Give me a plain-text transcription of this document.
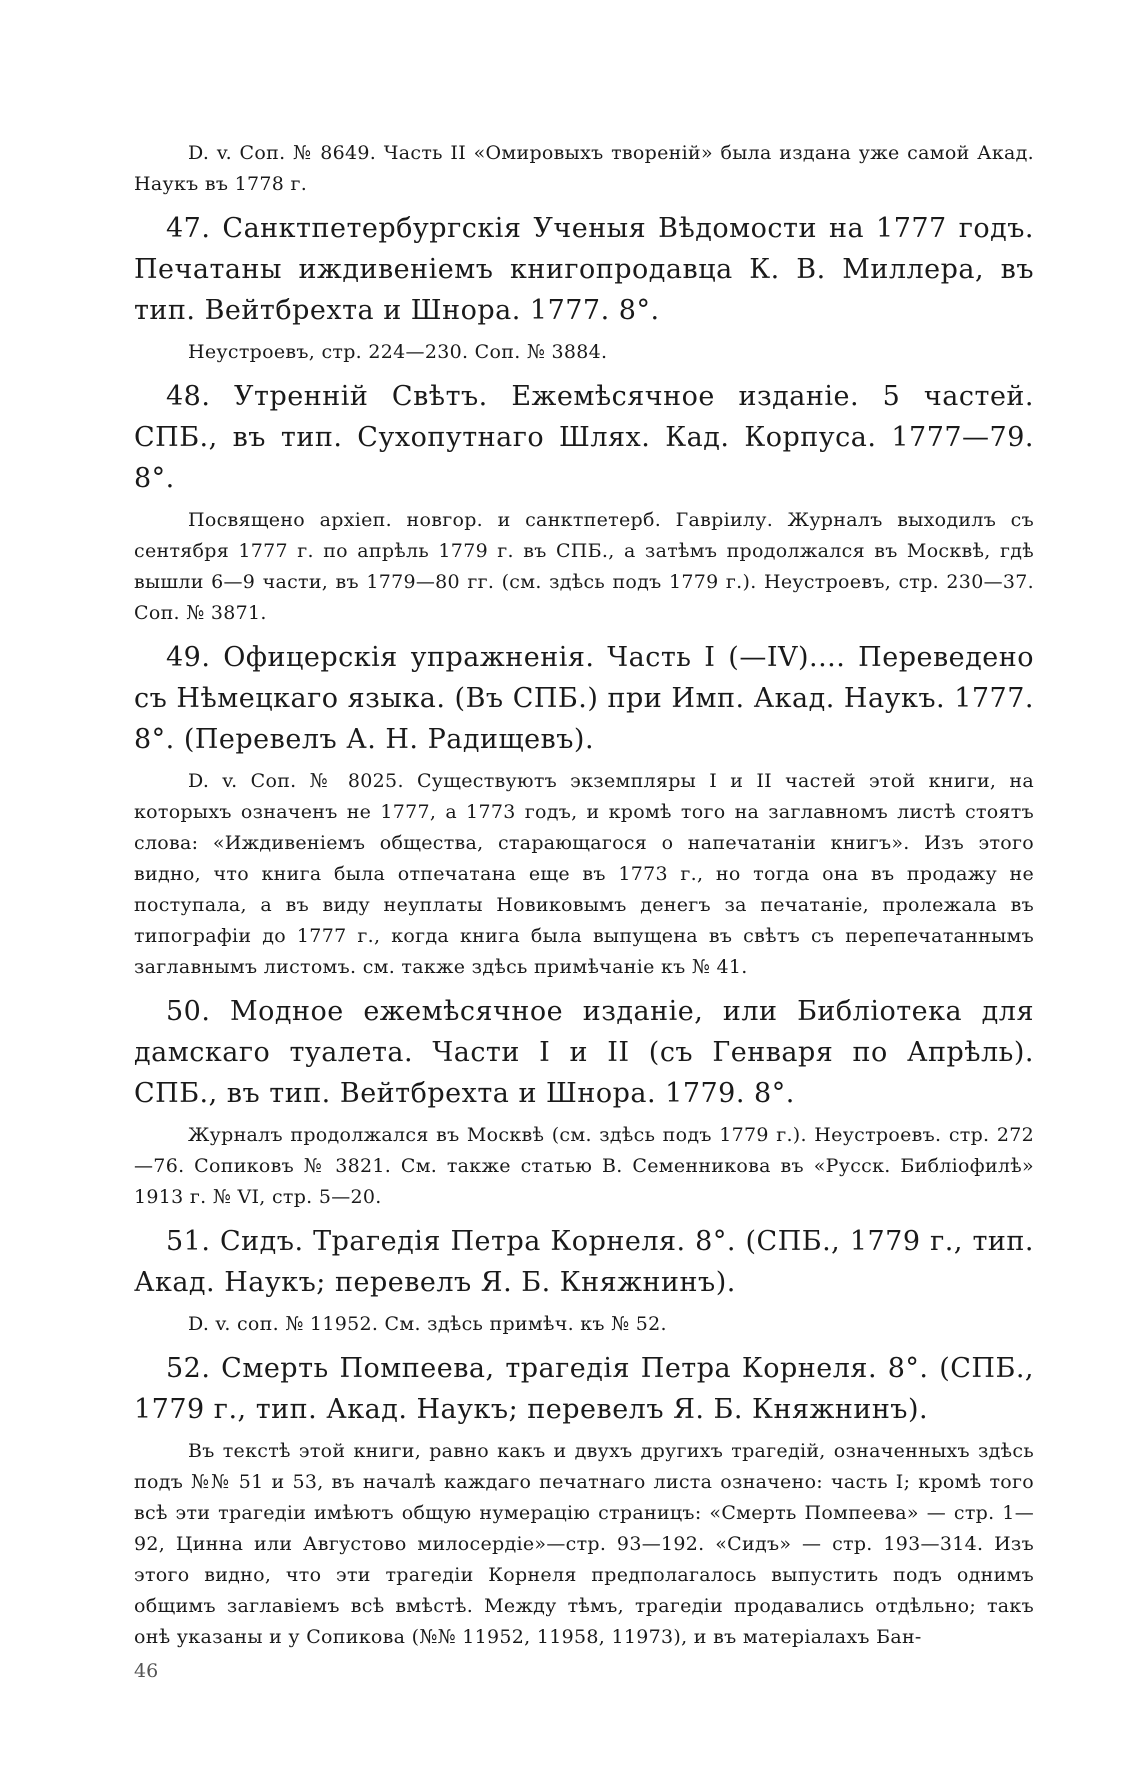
D. v. Соп. № 8649. Часть II «Омировыхъ твореній» была издана уже самой Акад. Наукъ въ 1778 г.

47. Санктпетербургскія Ученыя Вѣдомости на 1777 годъ. Печатаны иждивеніемъ книгопродавца К. В. Миллера, въ тип. Вейтбрехта и Шнора. 1777. 8°.

Неустроевъ, стр. 224—230. Соп. № 3884.

48. Утренній Свѣтъ. Ежемѣсячное изданіе. 5 частей. СПБ., въ тип. Сухопутнаго Шлях. Кад. Корпуса. 1777—79. 8°.

Посвящено архіеп. новгор. и санктпетерб. Гавріилу. Журналъ выходилъ съ сентября 1777 г. по апрѣль 1779 г. въ СПБ., а затѣмъ продолжался въ Москвѣ, гдѣ вышли 6—9 части, въ 1779—80 гг. (см. здѣсь подъ 1779 г.). Неустроевъ, стр. 230—37. Соп. № 3871.

49. Офицерскія упражненія. Часть I (—IV).... Переведено съ Нѣмецкаго языка. (Въ СПБ.) при Имп. Акад. Наукъ. 1777. 8°. (Перевелъ А. Н. Радищевъ).

D. v. Соп. № 8025. Существуютъ экземпляры I и II частей этой книги, на которыхъ означенъ не 1777, а 1773 годъ, и кромѣ того на заглавномъ листѣ стоятъ слова: «Иждивеніемъ общества, старающагося о напечатаніи книгъ». Изъ этого видно, что книга была отпечатана еще въ 1773 г., но тогда она въ продажу не поступала, а въ виду неуплаты Новиковымъ денегъ за печатаніе, пролежала въ типографіи до 1777 г., когда книга была выпущена въ свѣтъ съ перепечатаннымъ заглавнымъ листомъ. см. также здѣсь примѣчаніе къ № 41.

50. Модное ежемѣсячное изданіе, или Библіотека для дамскаго туалета. Части I и II (съ Генваря по Апрѣль). СПБ., въ тип. Вейтбрехта и Шнора. 1779. 8°.

Журналъ продолжался въ Москвѣ (см. здѣсь подъ 1779 г.). Неустроевъ. стр. 272—76. Сопиковъ № 3821. См. также статью В. Семенникова въ «Русск. Библіофилѣ» 1913 г. № VI, стр. 5—20.

51. Сидъ. Трагедія Петра Корнеля. 8°. (СПБ., 1779 г., тип. Акад. Наукъ; перевелъ Я. Б. Княжнинъ).

D. v. соп. № 11952. См. здѣсь примѣч. къ № 52.

52. Смерть Помпеева, трагедія Петра Корнеля. 8°. (СПБ., 1779 г., тип. Акад. Наукъ; перевелъ Я. Б. Княжнинъ).

Въ текстѣ этой книги, равно какъ и двухъ другихъ трагедій, означенныхъ здѣсь подъ №№ 51 и 53, въ началѣ каждаго печатнаго листа означено: часть I; кромѣ того всѣ эти трагедіи имѣютъ общую нумерацію страницъ: «Смерть Помпеева» — стр. 1—92, Цинна или Августово милосердіе»—стр. 93—192. «Сидъ» — стр. 193—314. Изъ этого видно, что эти трагедіи Корнеля предполагалось выпустить подъ однимъ общимъ заглавіемъ всѣ вмѣстѣ. Между тѣмъ, трагедіи продавались отдѣльно; такъ онѣ указаны и у Сопикова (№№ 11952, 11958, 11973), и въ матеріалахъ Бан-

46
